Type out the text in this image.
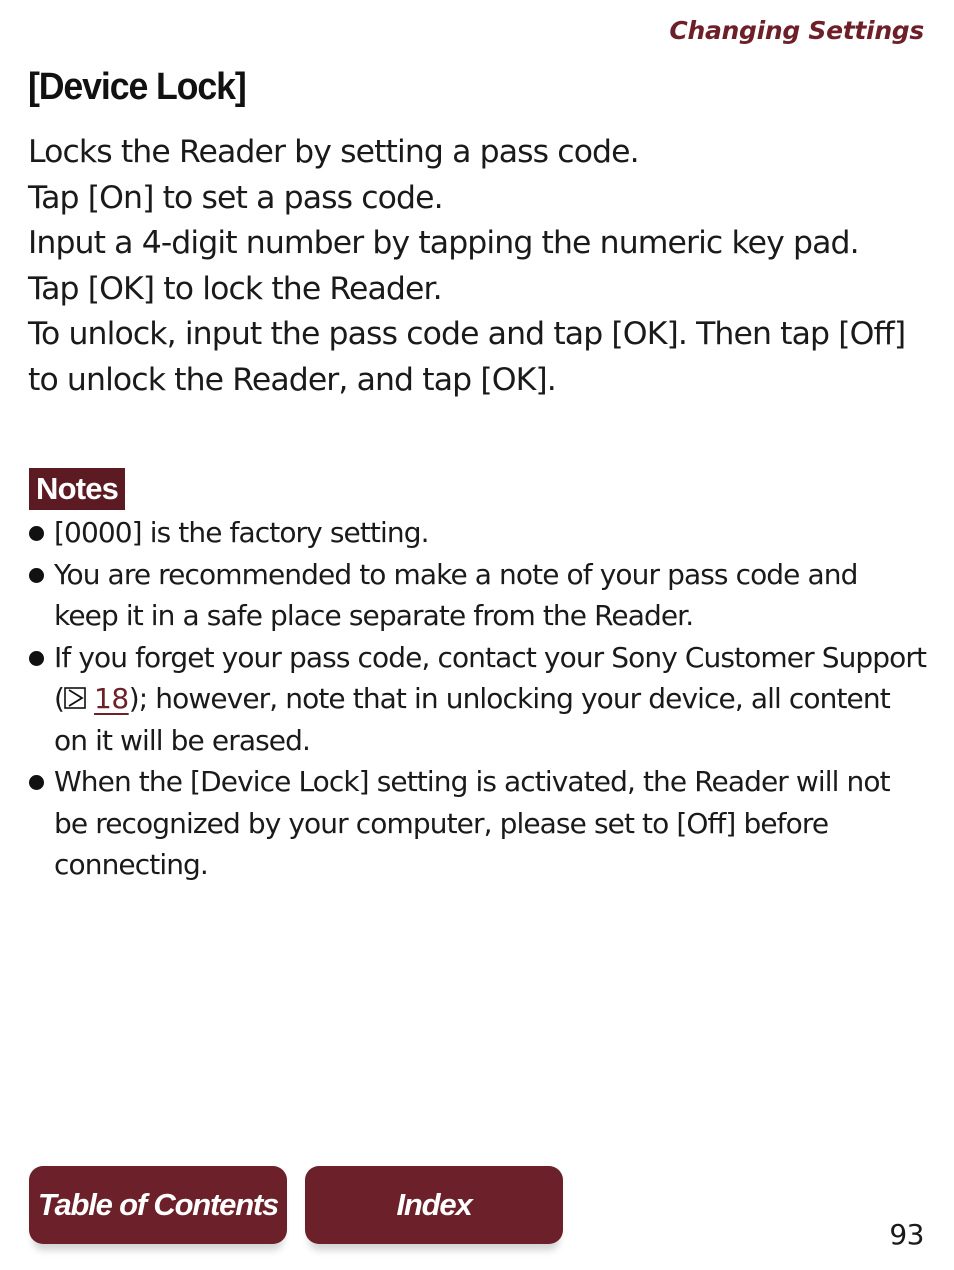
Changing Settings
[Device Lock]

Locks the Reader by setting a pass code.

Tap [On] to set a pass code.

Input a 4-digit number by tapping the numeric key pad.

Tap [OK] to lock the Reader.

To unlock, input the pass code and tap [OK]. Then tap [Off] to unlock the Reader, and tap [OK].

Notes
[0000] is the factory setting.
You are recommended to make a note of your pass code and keep it in a safe place separate from the Reader.
If you forget your pass code, contact your Sony Customer Support ( 18); however, note that in unlocking your device, all content on it will be erased.
When the [Device Lock] setting is activated, the Reader will not be recognized by your computer, please set to [Off] before connecting.
Table of Contents	Index
93
